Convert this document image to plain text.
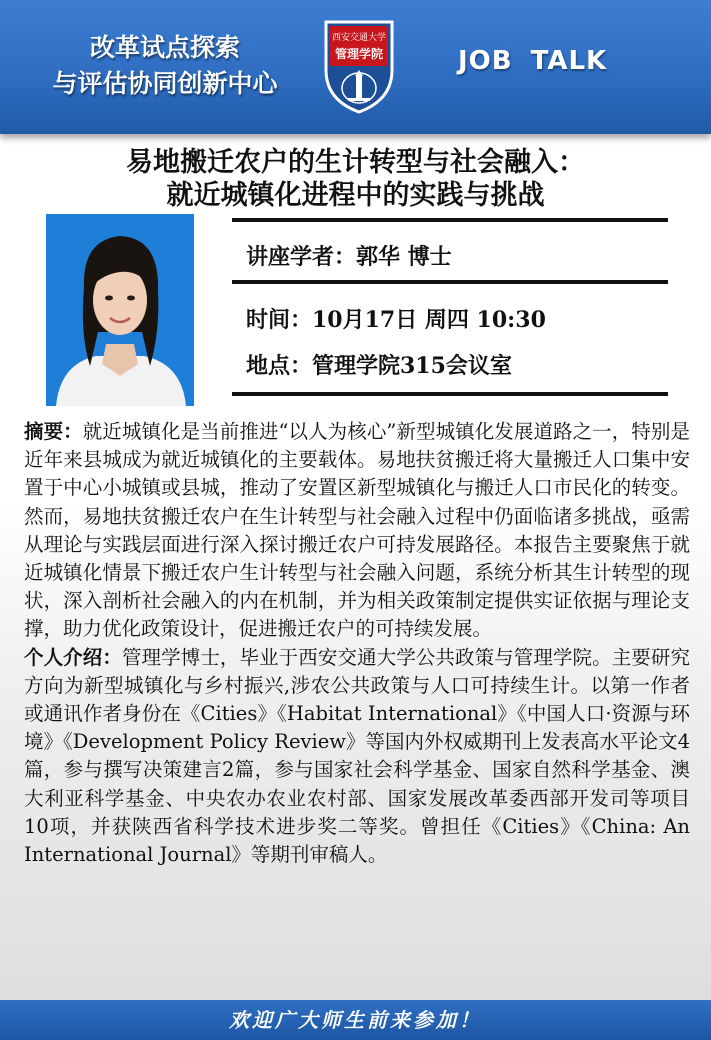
改革试点探索
与评估协同创新中心
西安交通大学
管理学院	JOB TALK
易地搬迁农户的生计转型与社会融入：
就近城镇化进程中的实践与挑战
讲座学者：郭华 博士
时间：10月17日 周四 10:30
地点：管理学院315会议室

摘要：就近城镇化是当前推进“以人为核心”新型城镇化发展道路之一，特别是近年来县城成为就近城镇化的主要载体。易地扶贫搬迁将大量搬迁人口集中安置于中心小城镇或县城，推动了安置区新型城镇化与搬迁人口市民化的转变。然而，易地扶贫搬迁农户在生计转型与社会融入过程中仍面临诸多挑战，亟需从理论与实践层面进行深入探讨搬迁农户可持发展路径。本报告主要聚焦于就近城镇化情景下搬迁农户生计转型与社会融入问题，系统分析其生计转型的现状，深入剖析社会融入的内在机制，并为相关政策制定提供实证依据与理论支撑，助力优化政策设计，促进搬迁农户的可持续发展。

个人介绍：管理学博士，毕业于西安交通大学公共政策与管理学院。主要研究方向为新型城镇化与乡村振兴,涉农公共政策与人口可持续生计。以第一作者或通讯作者身份在《Cities》《Habitat International》《中国人口·资源与环境》《Development Policy Review》等国内外权威期刊上发表高水平论文4篇，参与撰写决策建言2篇，参与国家社会科学基金、国家自然科学基金、澳大利亚科学基金、中央农办农业农村部、国家发展改革委西部开发司等项目10项，并获陕西省科学技术进步奖二等奖。曾担任《Cities》《China: An International Journal》等期刊审稿人。

欢迎广大师生前来参加！
